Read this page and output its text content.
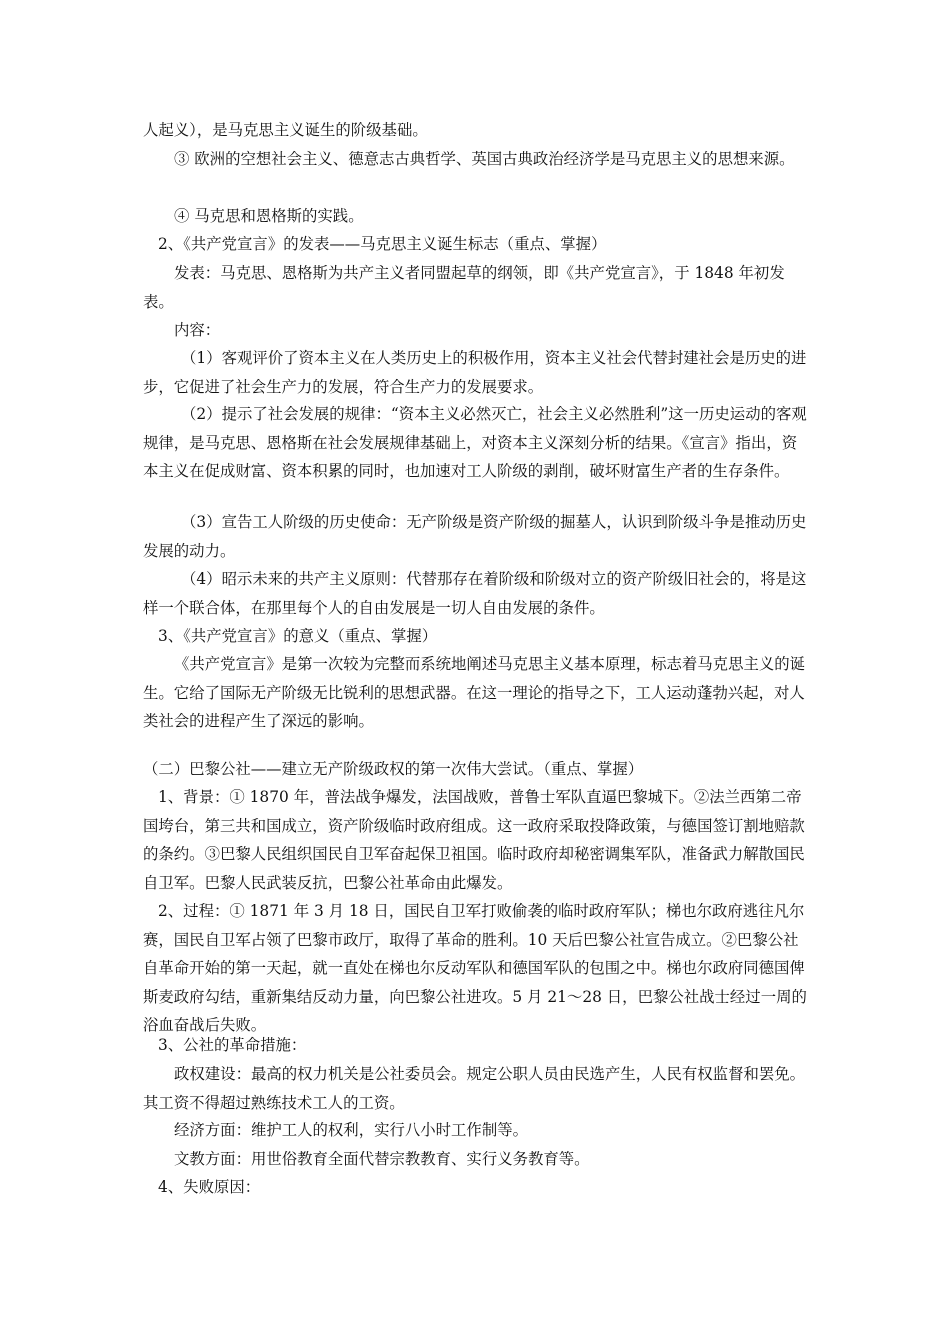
人起义），是马克思主义诞生的阶级基础。

③ 欧洲的空想社会主义、德意志古典哲学、英国古典政治经济学是马克思主义的思想来源。

④ 马克思和恩格斯的实践。

2、《共产党宣言》的发表——马克思主义诞生标志（重点、掌握）

发表：马克思、恩格斯为共产主义者同盟起草的纲领，即《共产党宣言》，于 1848 年初发表。

内容：

（1）客观评价了资本主义在人类历史上的积极作用，资本主义社会代替封建社会是历史的进步，它促进了社会生产力的发展，符合生产力的发展要求。

（2）提示了社会发展的规律：“资本主义必然灭亡，社会主义必然胜利”这一历史运动的客观规律，是马克思、恩格斯在社会发展规律基础上，对资本主义深刻分析的结果。《宣言》指出，资本主义在促成财富、资本积累的同时，也加速对工人阶级的剥削，破坏财富生产者的生存条件。

（3）宣告工人阶级的历史使命：无产阶级是资产阶级的掘墓人，认识到阶级斗争是推动历史发展的动力。

（4）昭示未来的共产主义原则：代替那存在着阶级和阶级对立的资产阶级旧社会的，将是这样一个联合体，在那里每个人的自由发展是一切人自由发展的条件。

3、《共产党宣言》的意义（重点、掌握）

《共产党宣言》是第一次较为完整而系统地阐述马克思主义基本原理，标志着马克思主义的诞生。它给了国际无产阶级无比锐利的思想武器。在这一理论的指导之下，工人运动蓬勃兴起，对人类社会的进程产生了深远的影响。

（二）巴黎公社——建立无产阶级政权的第一次伟大尝试。（重点、掌握）

1、背景：① 1870 年，普法战争爆发，法国战败，普鲁士军队直逼巴黎城下。②法兰西第二帝国垮台，第三共和国成立，资产阶级临时政府组成。这一政府采取投降政策，与德国签订割地赔款的条约。③巴黎人民组织国民自卫军奋起保卫祖国。临时政府却秘密调集军队，准备武力解散国民自卫军。巴黎人民武装反抗，巴黎公社革命由此爆发。

2、过程：① 1871 年 3 月 18 日，国民自卫军打败偷袭的临时政府军队；梯也尔政府逃往凡尔赛，国民自卫军占领了巴黎市政厅，取得了革命的胜利。10 天后巴黎公社宣告成立。②巴黎公社自革命开始的第一天起，就一直处在梯也尔反动军队和德国军队的包围之中。梯也尔政府同德国俾斯麦政府勾结，重新集结反动力量，向巴黎公社进攻。5 月 21～28 日，巴黎公社战士经过一周的浴血奋战后失败。

3、公社的革命措施：

政权建设：最高的权力机关是公社委员会。规定公职人员由民选产生，人民有权监督和罢免。其工资不得超过熟练技术工人的工资。

经济方面：维护工人的权利，实行八小时工作制等。

文教方面：用世俗教育全面代替宗教教育、实行义务教育等。

4、失败原因：
